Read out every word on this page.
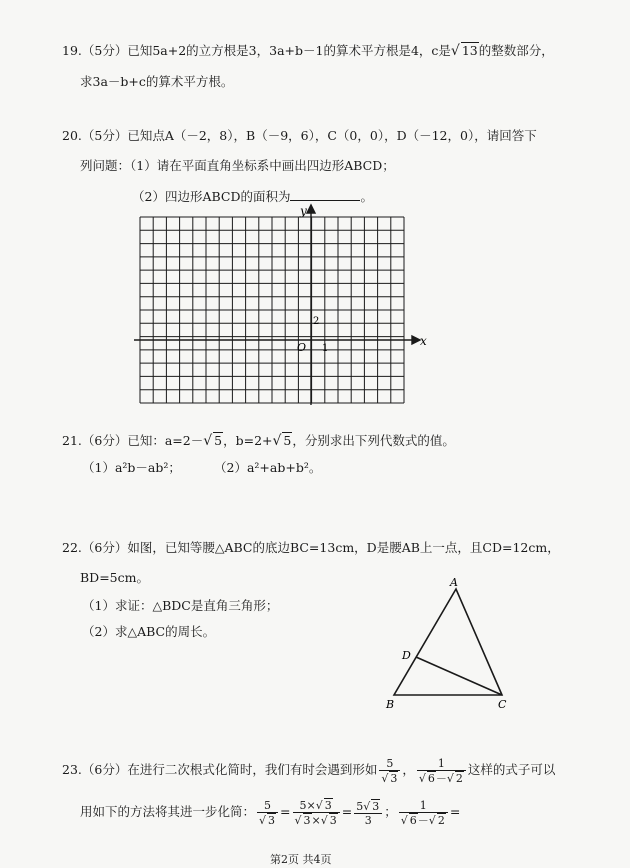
19.（5分）已知5a+2的立方根是3，3a+b－1的算术平方根是4，c是√ 13的整数部分，
求3a－b+c的算术平方根。
20.（5分）已知点A（－2，8），B（－9，6），C（0，0），D（－12，0），请回答下
列问题：（1）请在平面直角坐标系中画出四边形ABCD；
（2）四边形ABCD的面积为	。
y
x
O 1
2
21.（6分）已知：a=2－√ 5，b=2+√ 5，分别求出下列代数式的值。
（1）a²b－ab²；	（2）a²+ab+b²。
22.（6分）如图，已知等腰△ABC的底边BC=13cm，D是腰AB上一点，且CD=12cm，
BD=5cm。
（1）求证：△BDC是直角三角形；
（2）求△ABC的周长。
A
B	C
D
23.（6分）在进行二次根式化简时，我们有时会遇到形如 $\frac{5}{√ 3}$ ， $\frac{1}{√ 6-√ 2}$ 这样的式子可以
用如下的方法将其进一步化简： $\frac{5}{√ 3} = \frac{5\times√ 3}{√ 3\times√ 3} = \frac{5√ 3}{3}$ ； $\frac{1}{√ 6-√ 2}$ =
第2页 共4页
